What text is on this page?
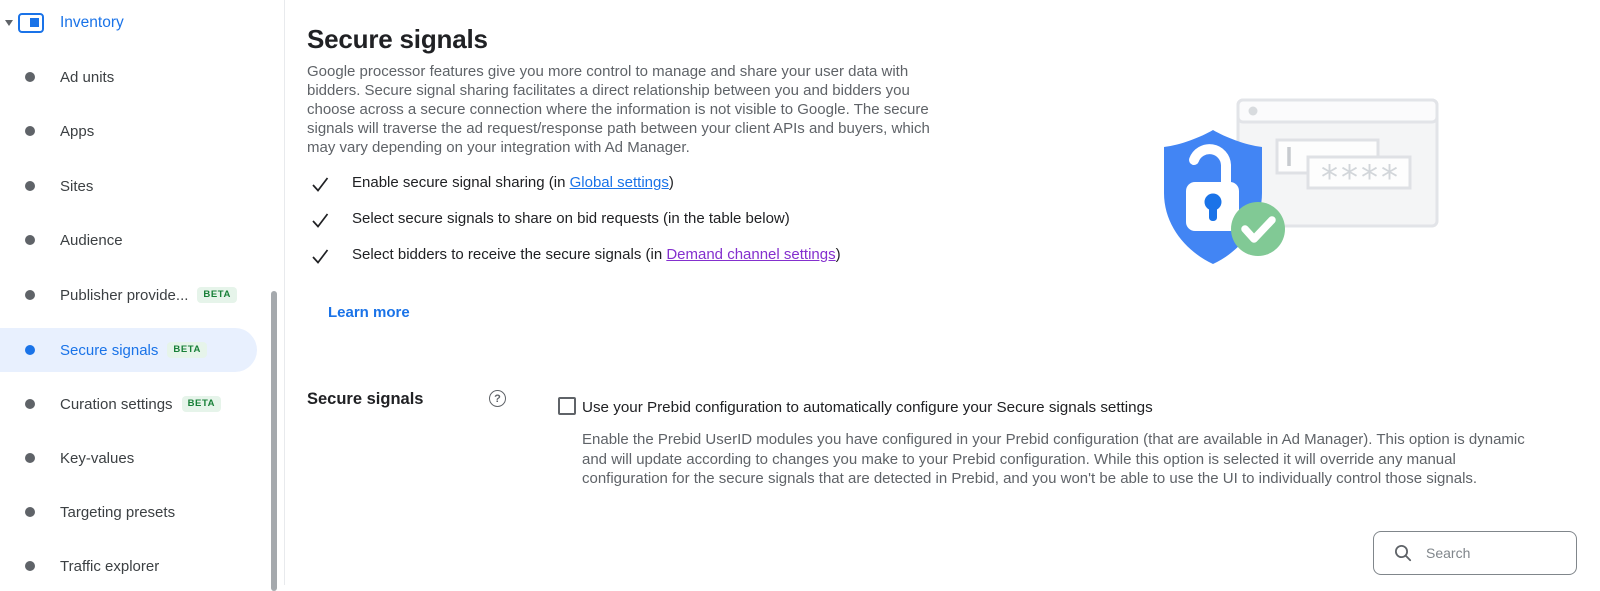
Inventory
Ad units
Apps
Sites
Audience
Publisher provide...	BETA
Secure signals	BETA
Curation settings	BETA
Key-values
Targeting presets
Traffic explorer
Secure signals

Google processor features give you more control to manage and share your user data with bidders. Secure signal sharing facilitates a direct relationship between you and bidders you choose across a secure connection where the information is not visible to Google. The secure signals will traverse the ad request/response path between your client APIs and buyers, which may vary depending on your integration with Ad Manager.

Enable secure signal sharing (in Global settings)
Select secure signals to share on bid requests (in the table below)
Select bidders to receive the secure signals (in Demand channel settings)
Learn more
Secure signals	?
Use your Prebid configuration to automatically configure your Secure signals settings

Enable the Prebid UserID modules you have configured in your Prebid configuration (that are available in Ad Manager). This option is dynamic and will update according to changes you make to your Prebid configuration. While this option is selected it will override any manual configuration for the secure signals that are detected in Prebid, and you won't be able to use the UI to individually control those signals.

****
Search
